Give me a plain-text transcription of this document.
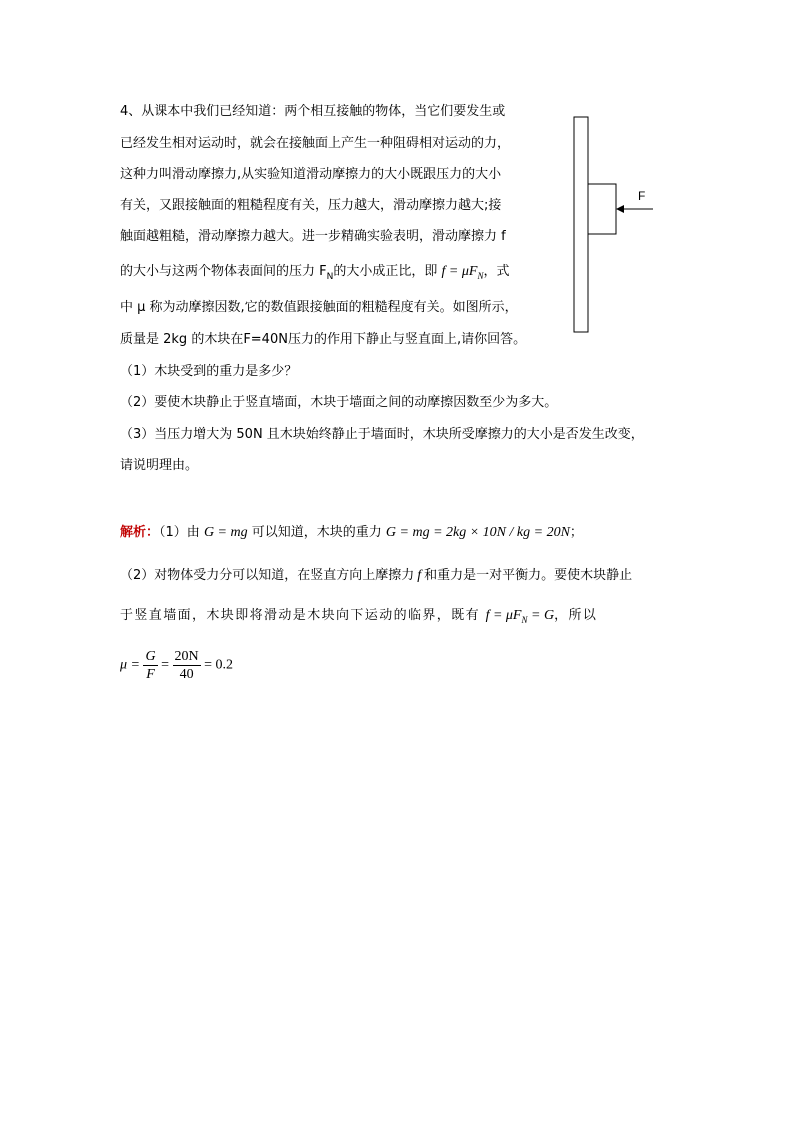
4、从课本中我们已经知道：两个相互接触的物体，当它们要发生或
已经发生相对运动时，就会在接触面上产生一种阻碍相对运动的力，
这种力叫滑动摩擦力,从实验知道滑动摩擦力的大小既跟压力的大小
有关，又跟接触面的粗糙程度有关，压力越大，滑动摩擦力越大;接
触面越粗糙，滑动摩擦力越大。进一步精确实验表明，滑动摩擦力 f
的大小与这两个物体表面间的压力 $F_N$的大小成正比，即 $f = \mu F_N$，式
中 μ 称为动摩擦因数,它的数值跟接触面的粗糙程度有关。如图所示，
质量是 2kg 的木块在F=40N压力的作用下静止与竖直面上,请你回答。
（1）木块受到的重力是多少？
（2）要使木块静止于竖直墙面，木块于墙面之间的动摩擦因数至少为多大。
（3）当压力增大为 50N 且木块始终静止于墙面时，木块所受摩擦力的大小是否发生改变，
请说明理由。
F
解析：（1）由 G = mg 可以知道，木块的重力 G = mg = 2kg × 10N / kg = 20N；
（2）对物体受力分可以知道，在竖直方向上摩擦力 f 和重力是一对平衡力。要使木块静止
于竖直墙面，木块即将滑动是木块向下运动的临界，既有 $f = \mu F_N = G$，所以
$\mu = \frac{G}{F} = \frac{20N}{40} = 0.2$
